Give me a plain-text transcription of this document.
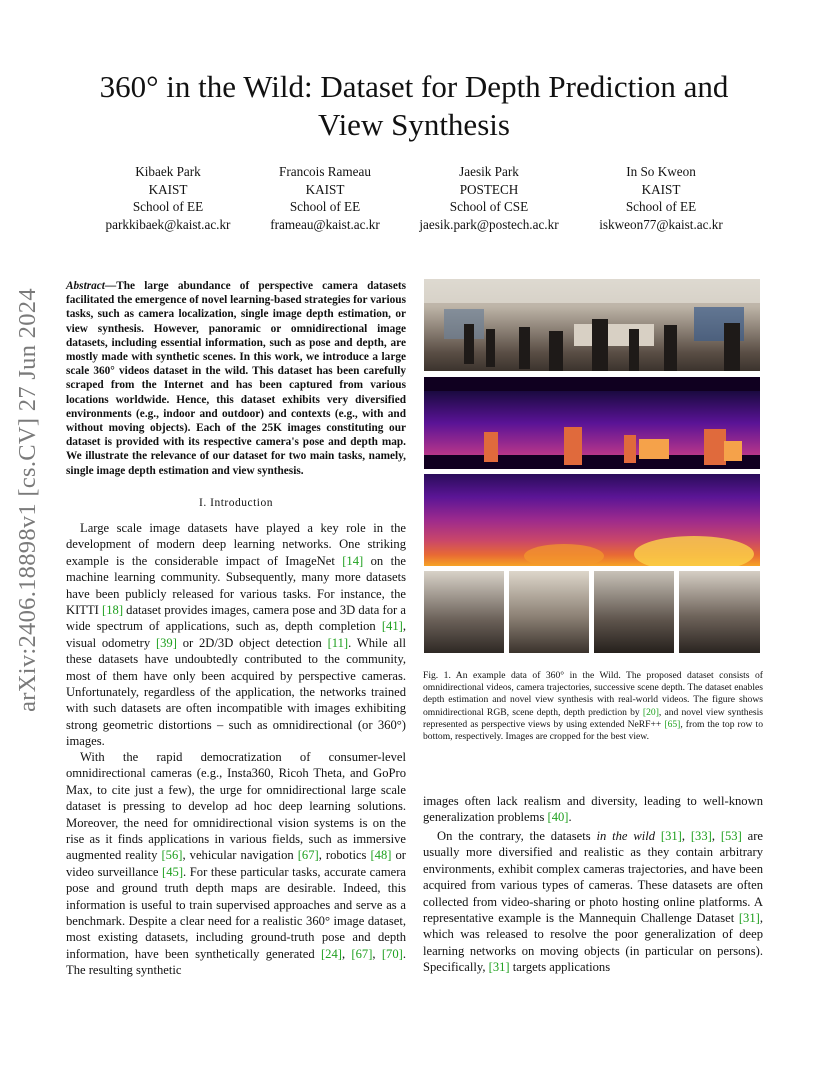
arXiv:2406.18898v1 [cs.CV] 27 Jun 2024
360° in the Wild: Dataset for Depth Prediction and
View Synthesis
Kibaek Park
KAIST
School of EE
parkkibaek@kaist.ac.kr
Francois Rameau
KAIST
School of EE
frameau@kaist.ac.kr
Jaesik Park
POSTECH
School of CSE
jaesik.park@postech.ac.kr
In So Kweon
KAIST
School of EE
iskweon77@kaist.ac.kr
Abstract—The large abundance of perspective camera datasets facilitated the emergence of novel learning-based strategies for various tasks, such as camera localization, single image depth estimation, or view synthesis. However, panoramic or omnidirectional image datasets, including essential information, such as pose and depth, are mostly made with synthetic scenes. In this work, we introduce a large scale 360° videos dataset in the wild. This dataset has been carefully scraped from the Internet and has been captured from various locations worldwide. Hence, this dataset exhibits very diversified environments (e.g., indoor and outdoor) and contexts (e.g., with and without moving objects). Each of the 25K images constituting our dataset is provided with its respective camera's pose and depth map. We illustrate the relevance of our dataset for two main tasks, namely, single image depth estimation and view synthesis.
I. Introduction
Large scale image datasets have played a key role in the development of modern deep learning networks. One striking example is the considerable impact of ImageNet [14] on the machine learning community. Subsequently, many more datasets have been publicly released for various tasks. For instance, the KITTI [18] dataset provides images, camera pose and 3D data for a wide spectrum of applications, such as, depth completion [41], visual odometry [39] or 2D/3D object detection [11]. While all these datasets have undoubtedly contributed to the community, most of them have only been acquired by perspective cameras. Unfortunately, regardless of the application, the networks trained with such datasets are often incompatible with images exhibiting strong geometric distortions – such as omnidirectional (or 360°) images.
With the rapid democratization of consumer-level omnidirectional cameras (e.g., Insta360, Ricoh Theta, and GoPro Max, to cite just a few), the urge for omnidirectional large scale dataset is pressing to develop ad hoc deep learning solutions. Moreover, the need for omnidirectional vision systems is on the rise as it finds applications in various fields, such as immersive augmented reality [56], vehicular navigation [67], robotics [48] or video surveillance [45]. For these particular tasks, accurate camera pose and ground truth depth maps are desirable. Indeed, this information is useful to train supervised approaches and serve as a benchmark. Despite a clear need for a realistic 360° image dataset, most existing datasets, including ground-truth pose and depth information, have been synthetically generated [24], [67], [70]. The resulting synthetic
Fig. 1. An example data of 360° in the Wild. The proposed dataset consists of omnidirectional videos, camera trajectories, successive scene depth. The dataset enables depth estimation and novel view synthesis with real-world videos. The figure shows omnidirectional RGB, scene depth, depth prediction by [20], and novel view synthesis represented as perspective views by using extended NeRF++ [65], from the top row to bottom, respectively. Images are cropped for the best view.
images often lack realism and diversity, leading to well-known generalization problems [40].
On the contrary, the datasets in the wild [31], [33], [53] are usually more diversified and realistic as they contain arbitrary environments, exhibit complex cameras trajectories, and have been acquired from various types of cameras. These datasets are often collected from video-sharing or photo hosting online platforms. A representative example is the Mannequin Challenge Dataset [31], which was released to resolve the poor generalization of deep learning networks on moving objects (in particular on persons). Specifically, [31] targets applications
